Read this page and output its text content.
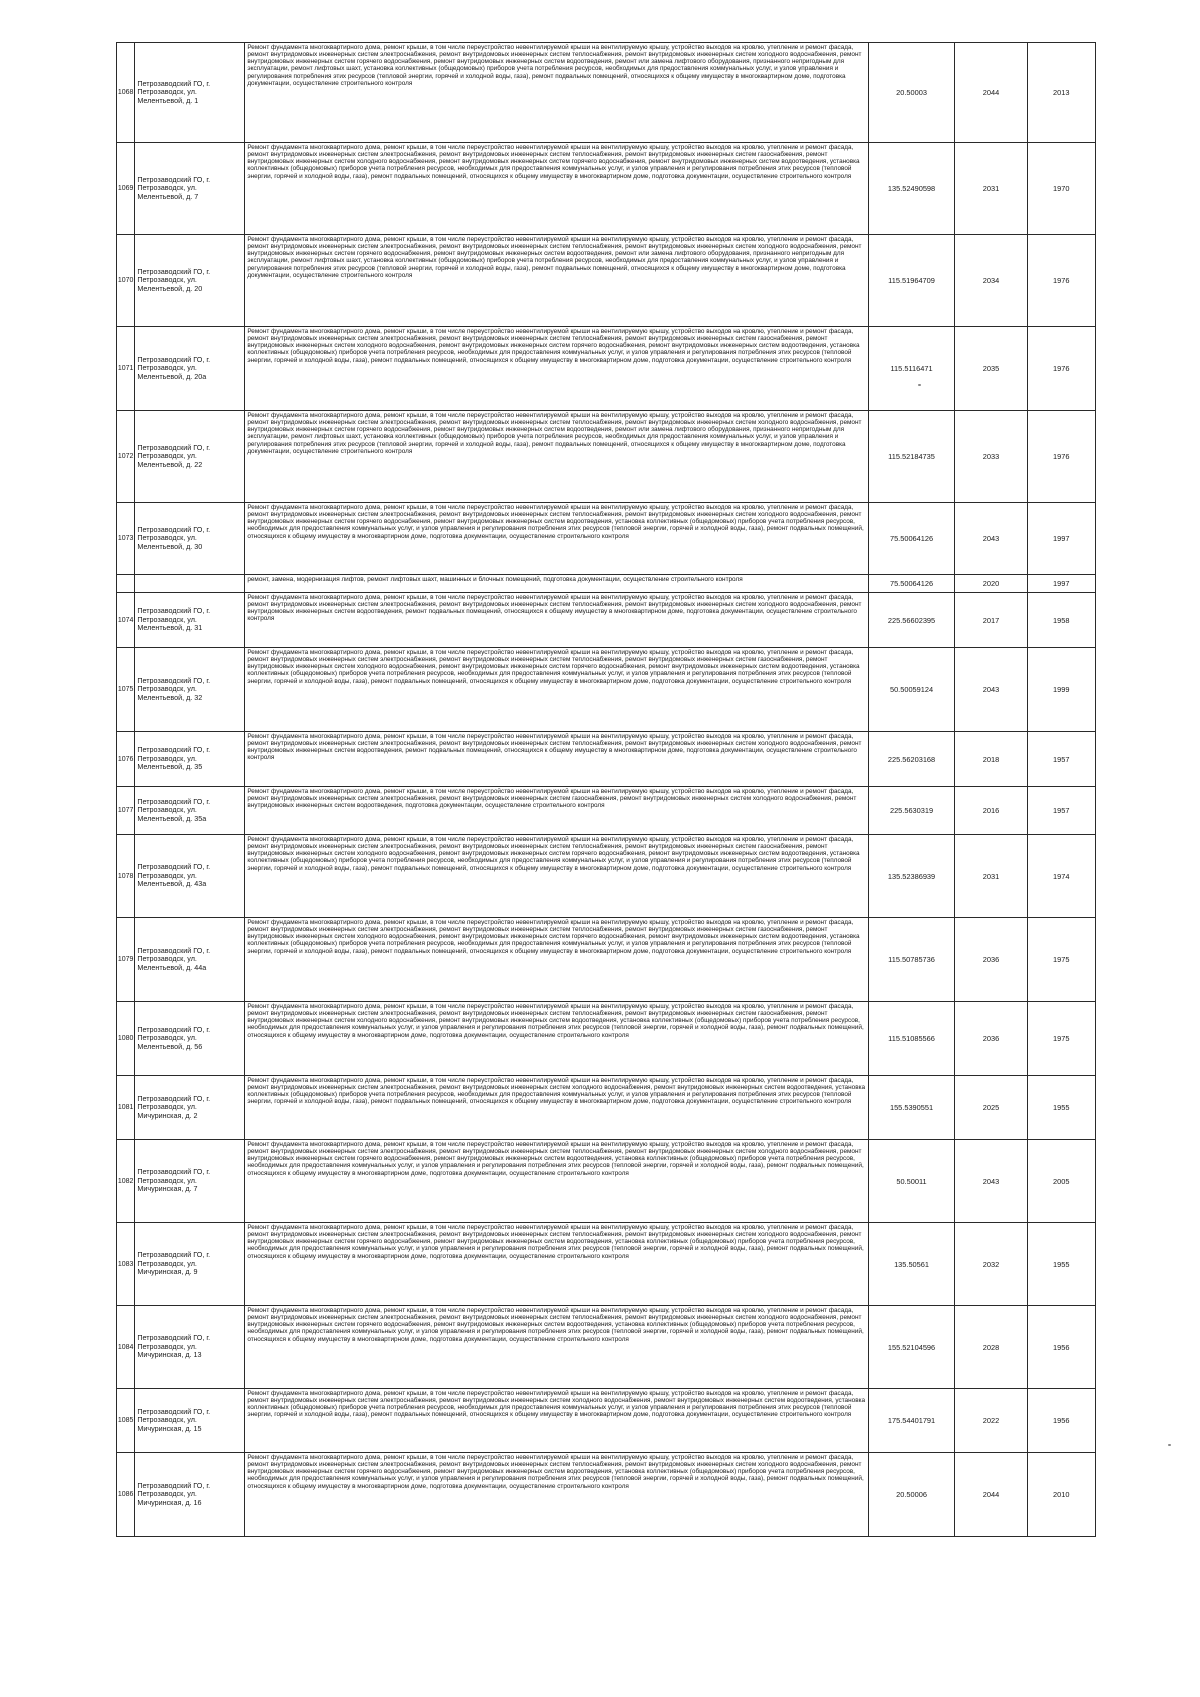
1068	Петрозаводский ГО, г. Петрозаводск, ул. Мелентьевой, д. 1	Ремонт фундамента многоквартирного дома, ремонт крыши, в том числе переустройство невентилируемой крыши на вентилируемую крышу, устройство выходов на кровлю, утепление и ремонт фасада, ремонт внутридомовых инженерных систем электроснабжения, ремонт внутридомовых инженерных систем теплоснабжения, ремонт внутридомовых инженерных систем холодного водоснабжения, ремонт внутридомовых инженерных систем горячего водоснабжения, ремонт внутридомовых инженерных систем водоотведения, ремонт или замена лифтового оборудования, признанного непригодным для эксплуатации, ремонт лифтовых шахт, установка коллективных (общедомовых) приборов учета потребления ресурсов, необходимых для предоставления коммунальных услуг, и узлов управления и регулирования потребления этих ресурсов (тепловой энергии, горячей и холодной воды, газа), ремонт подвальных помещений, относящихся к общему имуществу в многоквартирном доме, подготовка документации, осуществление строительного контроля	20.50003	2044	2013
1069	Петрозаводский ГО, г. Петрозаводск, ул. Мелентьевой, д. 7	Ремонт фундамента многоквартирного дома, ремонт крыши, в том числе переустройство невентилируемой крыши на вентилируемую крышу, устройство выходов на кровлю, утепление и ремонт фасада, ремонт внутридомовых инженерных систем электроснабжения, ремонт внутридомовых инженерных систем теплоснабжения, ремонт внутридомовых инженерных систем газоснабжения, ремонт внутридомовых инженерных систем холодного водоснабжения, ремонт внутридомовых инженерных систем горячего водоснабжения, ремонт внутридомовых инженерных систем водоотведения, установка коллективных (общедомовых) приборов учета потребления ресурсов, необходимых для предоставления коммунальных услуг, и узлов управления и регулирования потребления этих ресурсов (тепловой энергии, горячей и холодной воды, газа), ремонт подвальных помещений, относящихся к общему имуществу в многоквартирном доме, подготовка документации, осуществление строительного контроля	135.52490598	2031	1970
1070	Петрозаводский ГО, г. Петрозаводск, ул. Мелентьевой, д. 20	Ремонт фундамента многоквартирного дома, ремонт крыши, в том числе переустройство невентилируемой крыши на вентилируемую крышу, устройство выходов на кровлю, утепление и ремонт фасада, ремонт внутридомовых инженерных систем электроснабжения, ремонт внутридомовых инженерных систем теплоснабжения, ремонт внутридомовых инженерных систем холодного водоснабжения, ремонт внутридомовых инженерных систем горячего водоснабжения, ремонт внутридомовых инженерных систем водоотведения, ремонт или замена лифтового оборудования, признанного непригодным для эксплуатации, ремонт лифтовых шахт, установка коллективных (общедомовых) приборов учета потребления ресурсов, необходимых для предоставления коммунальных услуг, и узлов управления и регулирования потребления этих ресурсов (тепловой энергии, горячей и холодной воды, газа), ремонт подвальных помещений, относящихся к общему имуществу в многоквартирном доме, подготовка документации, осуществление строительного контроля	115.51964709	2034	1976
1071	Петрозаводский ГО, г. Петрозаводск, ул. Мелентьевой, д. 20а	Ремонт фундамента многоквартирного дома, ремонт крыши, в том числе переустройство невентилируемой крыши на вентилируемую крышу, устройство выходов на кровлю, утепление и ремонт фасада, ремонт внутридомовых инженерных систем электроснабжения, ремонт внутридомовых инженерных систем теплоснабжения, ремонт внутридомовых инженерных систем газоснабжения, ремонт внутридомовых инженерных систем холодного водоснабжения, ремонт внутридомовых инженерных систем горячего водоснабжения, ремонт внутридомовых инженерных систем водоотведения, установка коллективных (общедомовых) приборов учета потребления ресурсов, необходимых для предоставления коммунальных услуг, и узлов управления и регулирования потребления этих ресурсов (тепловой энергии, горячей и холодной воды, газа), ремонт подвальных помещений, относящихся к общему имуществу в многоквартирном доме, подготовка документации, осуществление строительного контроля	115.5116471	2035	1976
1072	Петрозаводский ГО, г. Петрозаводск, ул. Мелентьевой, д. 22	Ремонт фундамента многоквартирного дома, ремонт крыши, в том числе переустройство невентилируемой крыши на вентилируемую крышу, устройство выходов на кровлю, утепление и ремонт фасада, ремонт внутридомовых инженерных систем электроснабжения, ремонт внутридомовых инженерных систем теплоснабжения, ремонт внутридомовых инженерных систем холодного водоснабжения, ремонт внутридомовых инженерных систем горячего водоснабжения, ремонт внутридомовых инженерных систем водоотведения, ремонт или замена лифтового оборудования, признанного непригодным для эксплуатации, ремонт лифтовых шахт, установка коллективных (общедомовых) приборов учета потребления ресурсов, необходимых для предоставления коммунальных услуг, и узлов управления и регулирования потребления этих ресурсов (тепловой энергии, горячей и холодной воды, газа), ремонт подвальных помещений, относящихся к общему имуществу в многоквартирном доме, подготовка документации, осуществление строительного контроля	115.52184735	2033	1976
1073	Петрозаводский ГО, г. Петрозаводск, ул. Мелентьевой, д. 30	Ремонт фундамента многоквартирного дома, ремонт крыши, в том числе переустройство невентилируемой крыши на вентилируемую крышу, устройство выходов на кровлю, утепление и ремонт фасада, ремонт внутридомовых инженерных систем электроснабжения, ремонт внутридомовых инженерных систем теплоснабжения, ремонт внутридомовых инженерных систем холодного водоснабжения, ремонт внутридомовых инженерных систем горячего водоснабжения, ремонт внутридомовых инженерных систем водоотведения, установка коллективных (общедомовых) приборов учета потребления ресурсов, необходимых для предоставления коммунальных услуг, и узлов управления и регулирования потребления этих ресурсов (тепловой энергии, горячей и холодной воды, газа), ремонт подвальных помещений, относящихся к общему имуществу в многоквартирном доме, подготовка документации, осуществление строительного контроля	75.50064126	2043	1997
		ремонт, замена, модернизация лифтов, ремонт лифтовых шахт, машинных и блочных помещений, подготовка документации, осуществление строительного контроля	75.50064126	2020	1997
1074	Петрозаводский ГО, г. Петрозаводск, ул. Мелентьевой, д. 31	Ремонт фундамента многоквартирного дома, ремонт крыши, в том числе переустройство невентилируемой крыши на вентилируемую крышу, устройство выходов на кровлю, утепление и ремонт фасада, ремонт внутридомовых инженерных систем электроснабжения, ремонт внутридомовых инженерных систем теплоснабжения, ремонт внутридомовых инженерных систем холодного водоснабжения, ремонт внутридомовых инженерных систем водоотведения, ремонт подвальных помещений, относящихся к общему имуществу в многоквартирном доме, подготовка документации, осуществление строительного контроля	225.56602395	2017	1958
1075	Петрозаводский ГО, г. Петрозаводск, ул. Мелентьевой, д. 32	Ремонт фундамента многоквартирного дома, ремонт крыши, в том числе переустройство невентилируемой крыши на вентилируемую крышу, устройство выходов на кровлю, утепление и ремонт фасада, ремонт внутридомовых инженерных систем электроснабжения, ремонт внутридомовых инженерных систем теплоснабжения, ремонт внутридомовых инженерных систем газоснабжения, ремонт внутридомовых инженерных систем холодного водоснабжения, ремонт внутридомовых инженерных систем горячего водоснабжения, ремонт внутридомовых инженерных систем водоотведения, установка коллективных (общедомовых) приборов учета потребления ресурсов, необходимых для предоставления коммунальных услуг, и узлов управления и регулирования потребления этих ресурсов (тепловой энергии, горячей и холодной воды, газа), ремонт подвальных помещений, относящихся к общему имуществу в многоквартирном доме, подготовка документации, осуществление строительного контроля	50.50059124	2043	1999
1076	Петрозаводский ГО, г. Петрозаводск, ул. Мелентьевой, д. 35	Ремонт фундамента многоквартирного дома, ремонт крыши, в том числе переустройство невентилируемой крыши на вентилируемую крышу, устройство выходов на кровлю, утепление и ремонт фасада, ремонт внутридомовых инженерных систем электроснабжения, ремонт внутридомовых инженерных систем теплоснабжения, ремонт внутридомовых инженерных систем холодного водоснабжения, ремонт внутридомовых инженерных систем водоотведения, ремонт подвальных помещений, относящихся к общему имуществу в многоквартирном доме, подготовка документации, осуществление строительного контроля	225.56203168	2018	1957
1077	Петрозаводский ГО, г. Петрозаводск, ул. Мелентьевой, д. 35а	Ремонт фундамента многоквартирного дома, ремонт крыши, в том числе переустройство невентилируемой крыши на вентилируемую крышу, устройство выходов на кровлю, утепление и ремонт фасада, ремонт внутридомовых инженерных систем электроснабжения, ремонт внутридомовых инженерных систем газоснабжения, ремонт внутридомовых инженерных систем холодного водоснабжения, ремонт внутридомовых инженерных систем водоотведения, подготовка документации, осуществление строительного контроля	225.5630319	2016	1957
1078	Петрозаводский ГО, г. Петрозаводск, ул. Мелентьевой, д. 43а	Ремонт фундамента многоквартирного дома, ремонт крыши, в том числе переустройство невентилируемой крыши на вентилируемую крышу, устройство выходов на кровлю, утепление и ремонт фасада, ремонт внутридомовых инженерных систем электроснабжения, ремонт внутридомовых инженерных систем теплоснабжения, ремонт внутридомовых инженерных систем газоснабжения, ремонт внутридомовых инженерных систем холодного водоснабжения, ремонт внутридомовых инженерных систем горячего водоснабжения, ремонт внутридомовых инженерных систем водоотведения, установка коллективных (общедомовых) приборов учета потребления ресурсов, необходимых для предоставления коммунальных услуг, и узлов управления и регулирования потребления этих ресурсов (тепловой энергии, горячей и холодной воды, газа), ремонт подвальных помещений, относящихся к общему имуществу в многоквартирном доме, подготовка документации, осуществление строительного контроля	135.52386939	2031	1974
1079	Петрозаводский ГО, г. Петрозаводск, ул. Мелентьевой, д. 44а	Ремонт фундамента многоквартирного дома, ремонт крыши, в том числе переустройство невентилируемой крыши на вентилируемую крышу, устройство выходов на кровлю, утепление и ремонт фасада, ремонт внутридомовых инженерных систем электроснабжения, ремонт внутридомовых инженерных систем теплоснабжения, ремонт внутридомовых инженерных систем газоснабжения, ремонт внутридомовых инженерных систем холодного водоснабжения, ремонт внутридомовых инженерных систем горячего водоснабжения, ремонт внутридомовых инженерных систем водоотведения, установка коллективных (общедомовых) приборов учета потребления ресурсов, необходимых для предоставления коммунальных услуг, и узлов управления и регулирования потребления этих ресурсов (тепловой энергии, горячей и холодной воды, газа), ремонт подвальных помещений, относящихся к общему имуществу в многоквартирном доме, подготовка документации, осуществление строительного контроля	115.50785736	2036	1975
1080	Петрозаводский ГО, г. Петрозаводск, ул. Мелентьевой, д. 56	Ремонт фундамента многоквартирного дома, ремонт крыши, в том числе переустройство невентилируемой крыши на вентилируемую крышу, устройство выходов на кровлю, утепление и ремонт фасада, ремонт внутридомовых инженерных систем электроснабжения, ремонт внутридомовых инженерных систем теплоснабжения, ремонт внутридомовых инженерных систем газоснабжения, ремонт внутридомовых инженерных систем холодного водоснабжения, ремонт внутридомовых инженерных систем водоотведения, установка коллективных (общедомовых) приборов учета потребления ресурсов, необходимых для предоставления коммунальных услуг, и узлов управления и регулирования потребления этих ресурсов (тепловой энергии, горячей и холодной воды, газа), ремонт подвальных помещений, относящихся к общему имуществу в многоквартирном доме, подготовка документации, осуществление строительного контроля	115.51085566	2036	1975
1081	Петрозаводский ГО, г. Петрозаводск, ул. Мичуринская, д. 2	Ремонт фундамента многоквартирного дома, ремонт крыши, в том числе переустройство невентилируемой крыши на вентилируемую крышу, устройство выходов на кровлю, утепление и ремонт фасада, ремонт внутридомовых инженерных систем электроснабжения, ремонт внутридомовых инженерных систем холодного водоснабжения, ремонт внутридомовых инженерных систем водоотведения, установка коллективных (общедомовых) приборов учета потребления ресурсов, необходимых для предоставления коммунальных услуг, и узлов управления и регулирования потребления этих ресурсов (тепловой энергии, горячей и холодной воды, газа), ремонт подвальных помещений, относящихся к общему имуществу в многоквартирном доме, подготовка документации, осуществление строительного контроля	155.5390551	2025	1955
1082	Петрозаводский ГО, г. Петрозаводск, ул. Мичуринская, д. 7	Ремонт фундамента многоквартирного дома, ремонт крыши, в том числе переустройство невентилируемой крыши на вентилируемую крышу, устройство выходов на кровлю, утепление и ремонт фасада, ремонт внутридомовых инженерных систем электроснабжения, ремонт внутридомовых инженерных систем теплоснабжения, ремонт внутридомовых инженерных систем холодного водоснабжения, ремонт внутридомовых инженерных систем горячего водоснабжения, ремонт внутридомовых инженерных систем водоотведения, установка коллективных (общедомовых) приборов учета потребления ресурсов, необходимых для предоставления коммунальных услуг, и узлов управления и регулирования потребления этих ресурсов (тепловой энергии, горячей и холодной воды, газа), ремонт подвальных помещений, относящихся к общему имуществу в многоквартирном доме, подготовка документации, осуществление строительного контроля	50.50011	2043	2005
1083	Петрозаводский ГО, г. Петрозаводск, ул. Мичуринская, д. 9	Ремонт фундамента многоквартирного дома, ремонт крыши, в том числе переустройство невентилируемой крыши на вентилируемую крышу, устройство выходов на кровлю, утепление и ремонт фасада, ремонт внутридомовых инженерных систем электроснабжения, ремонт внутридомовых инженерных систем теплоснабжения, ремонт внутридомовых инженерных систем холодного водоснабжения, ремонт внутридомовых инженерных систем горячего водоснабжения, ремонт внутридомовых инженерных систем водоотведения, установка коллективных (общедомовых) приборов учета потребления ресурсов, необходимых для предоставления коммунальных услуг, и узлов управления и регулирования потребления этих ресурсов (тепловой энергии, горячей и холодной воды, газа), ремонт подвальных помещений, относящихся к общему имуществу в многоквартирном доме, подготовка документации, осуществление строительного контроля	135.50561	2032	1955
1084	Петрозаводский ГО, г. Петрозаводск, ул. Мичуринская, д. 13	Ремонт фундамента многоквартирного дома, ремонт крыши, в том числе переустройство невентилируемой крыши на вентилируемую крышу, устройство выходов на кровлю, утепление и ремонт фасада, ремонт внутридомовых инженерных систем электроснабжения, ремонт внутридомовых инженерных систем теплоснабжения, ремонт внутридомовых инженерных систем холодного водоснабжения, ремонт внутридомовых инженерных систем горячего водоснабжения, ремонт внутридомовых инженерных систем водоотведения, установка коллективных (общедомовых) приборов учета потребления ресурсов, необходимых для предоставления коммунальных услуг, и узлов управления и регулирования потребления этих ресурсов (тепловой энергии, горячей и холодной воды, газа), ремонт подвальных помещений, относящихся к общему имуществу в многоквартирном доме, подготовка документации, осуществление строительного контроля	155.52104596	2028	1956
1085	Петрозаводский ГО, г. Петрозаводск, ул. Мичуринская, д. 15	Ремонт фундамента многоквартирного дома, ремонт крыши, в том числе переустройство невентилируемой крыши на вентилируемую крышу, устройство выходов на кровлю, утепление и ремонт фасада, ремонт внутридомовых инженерных систем электроснабжения, ремонт внутридомовых инженерных систем холодного водоснабжения, ремонт внутридомовых инженерных систем водоотведения, установка коллективных (общедомовых) приборов учета потребления ресурсов, необходимых для предоставления коммунальных услуг, и узлов управления и регулирования потребления этих ресурсов (тепловой энергии, горячей и холодной воды, газа), ремонт подвальных помещений, относящихся к общему имуществу в многоквартирном доме, подготовка документации, осуществление строительного контроля	175.54401791	2022	1956
1086	Петрозаводский ГО, г. Петрозаводск, ул. Мичуринская, д. 16	Ремонт фундамента многоквартирного дома, ремонт крыши, в том числе переустройство невентилируемой крыши на вентилируемую крышу, устройство выходов на кровлю, утепление и ремонт фасада, ремонт внутридомовых инженерных систем электроснабжения, ремонт внутридомовых инженерных систем теплоснабжения, ремонт внутридомовых инженерных систем холодного водоснабжения, ремонт внутридомовых инженерных систем горячего водоснабжения, ремонт внутридомовых инженерных систем водоотведения, установка коллективных (общедомовых) приборов учета потребления ресурсов, необходимых для предоставления коммунальных услуг, и узлов управления и регулирования потребления этих ресурсов (тепловой энергии, горячей и холодной воды, газа), ремонт подвальных помещений, относящихся к общему имуществу в многоквартирном доме, подготовка документации, осуществление строительного контроля	20.50006	2044	2010
